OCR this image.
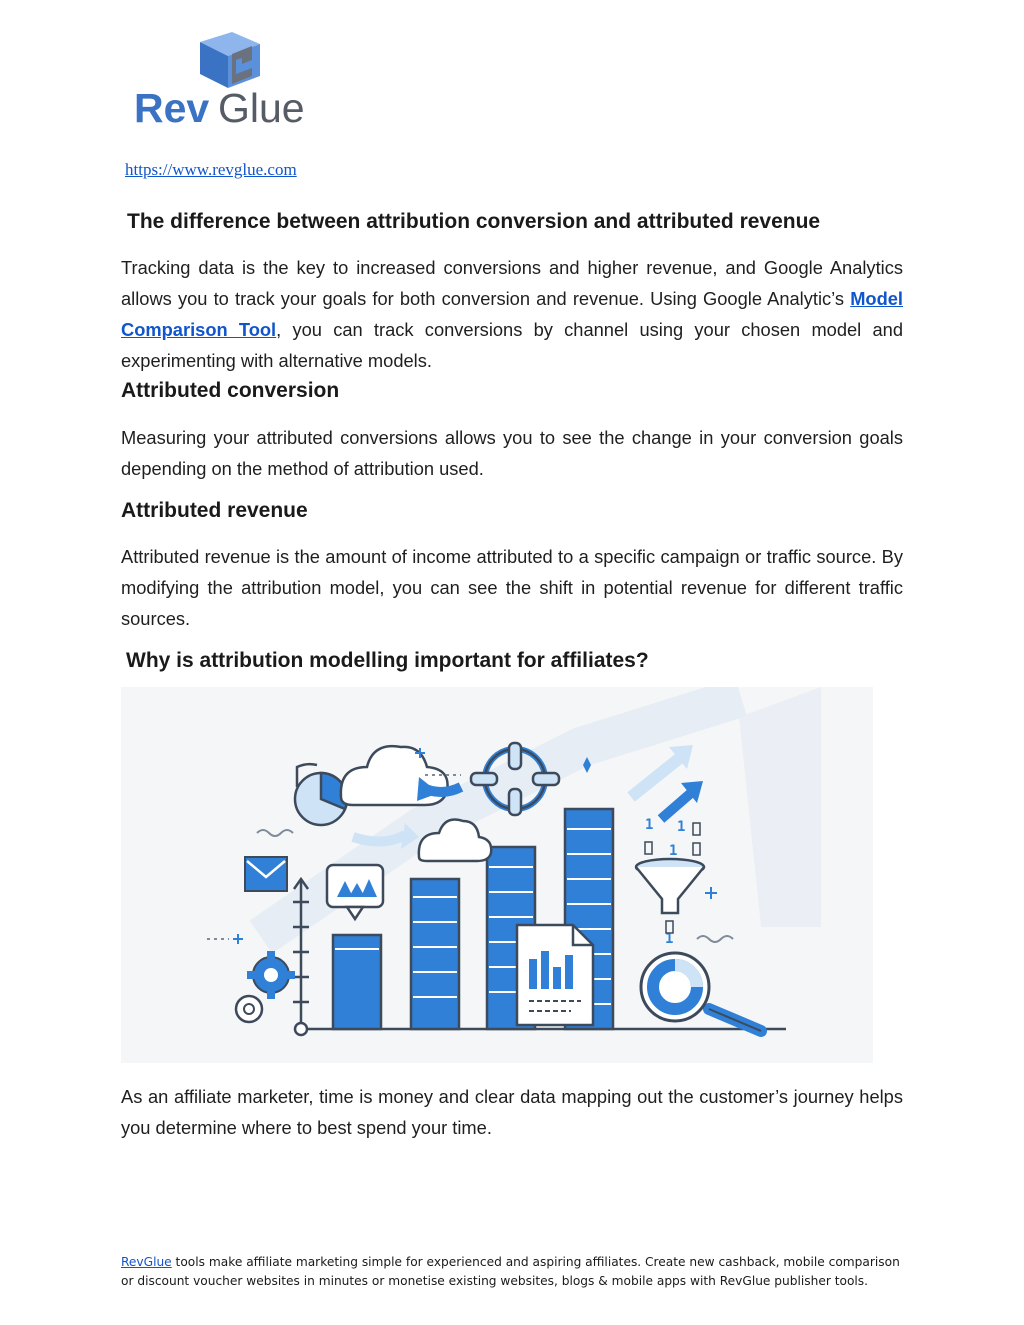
Rev Glue
https://www.revglue.com
The difference between attribution conversion and attributed revenue

Tracking data is the key to increased conversions and higher revenue, and Google Analytics allows you to track your goals for both conversion and revenue. Using Google Analytic’s Model Comparison Tool, you can track conversions by channel using your chosen model and experimenting with alternative models.

Attributed conversion

Measuring your attributed conversions allows you to see the change in your conversion goals depending on the method of attribution used.

Attributed revenue

Attributed revenue is the amount of income attributed to a specific campaign or traffic source. By modifying the attribution model, you can see the shift in potential revenue for different traffic sources.

Why is attribution modelling important for affiliates?
1 1
1
1

As an affiliate marketer, time is money and clear data mapping out the customer’s journey helps you determine where to best spend your time.

RevGlue tools make affiliate marketing simple for experienced and aspiring affiliates. Create new cashback, mobile comparison or discount voucher websites in minutes or monetise existing websites, blogs & mobile apps with RevGlue publisher tools.
